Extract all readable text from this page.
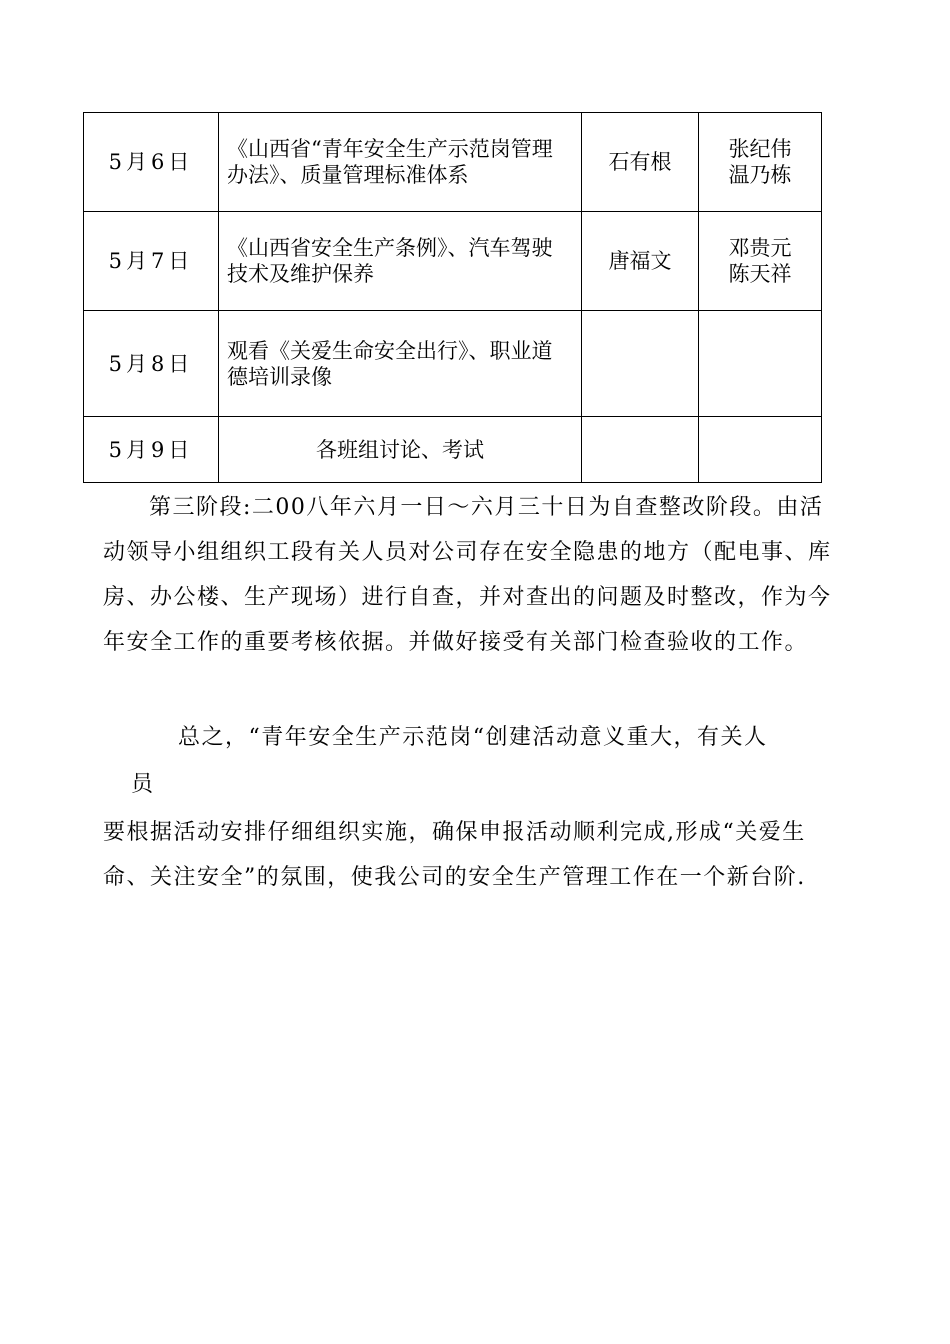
5月6日	《山西省“青年安全生产示范岗管理办法》、质量管理标准体系	石有根	张纪伟
温乃栋

5月7日	《山西省安全生产条例》、汽车驾驶技术及维护保养	唐福文	邓贵元
陈天祥

5月8日	观看《关爱生命安全出行》、职业道德培训录像		

5月9日	各班组讨论、考试		
第三阶段:二00八年六月一日～六月三十日为自查整改阶段。由活动领导小组组织工段有关人员对公司存在安全隐患的地方（配电事、库房、办公楼、生产现场）进行自查，并对查出的问题及时整改，作为今年安全工作的重要考核依据。并做好接受有关部门检查验收的工作。
总之，“青年安全生产示范岗“创建活动意义重大，有关人
员
要根据活动安排仔细组织实施，确保申报活动顺利完成,形成“关爱生命、关注安全”的氛围，使我公司的安全生产管理工作在一个新台阶.
